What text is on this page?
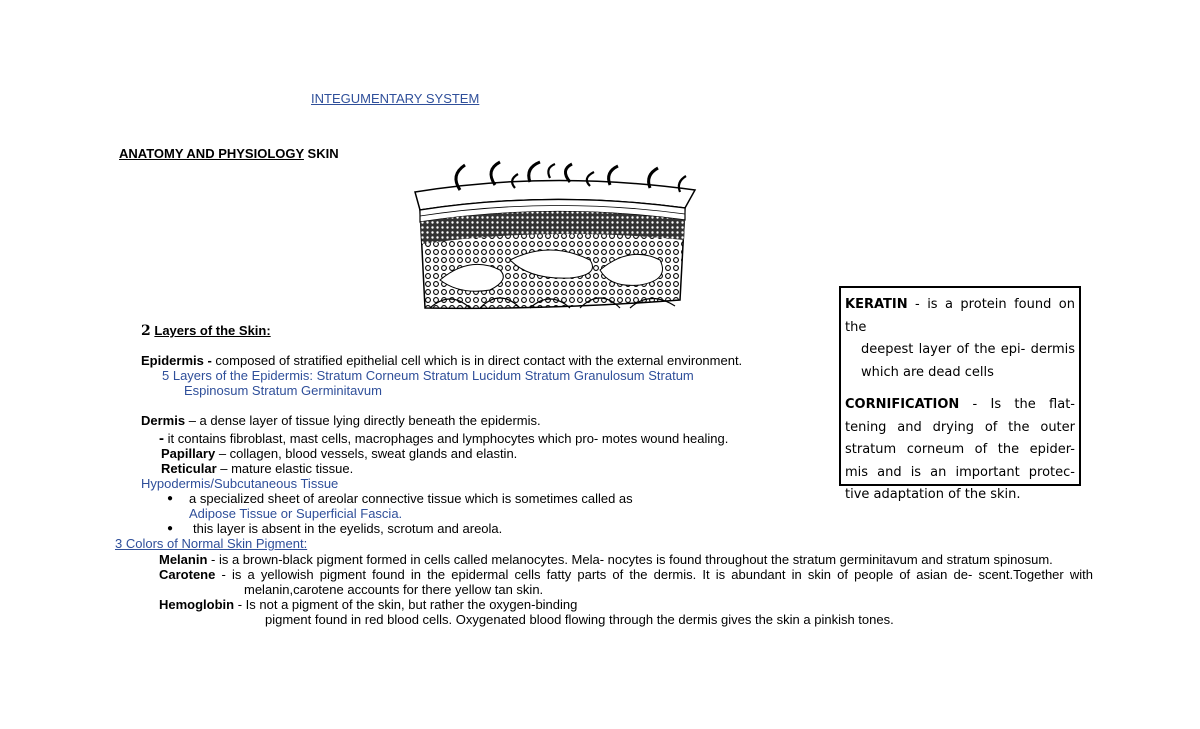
INTEGUMENTARY SYSTEM
ANATOMY AND PHYSIOLOGY SKIN
2 Layers of the Skin:
Epidermis - composed of stratified epithelial cell which is in direct contact with the external environment.
5 Layers of the Epidermis: Stratum Corneum Stratum Lucidum Stratum Granulosum Stratum
Espinosum Stratum Germinitavum
Dermis – a dense layer of tissue lying directly beneath the epidermis.
- it contains fibroblast, mast cells, macrophages and lymphocytes which pro- motes wound healing.
Papillary – collagen, blood vessels, sweat glands and elastin.
Reticular – mature elastic tissue.
Hypodermis/Subcutaneous Tissue
● a specialized sheet of areolar connective tissue which is sometimes called as
Adipose Tissue or Superficial Fascia.
● this layer is absent in the eyelids, scrotum and areola.
3 Colors of Normal Skin Pigment:
Melanin - is a brown-black pigment formed in cells called melanocytes. Mela- nocytes is found throughout the stratum germinitavum and stratum spinosum.
Carotene - is a yellowish pigment found in the epidermal cells fatty parts of the dermis. It is abundant in skin of people of asian de- scent.Together with
melanin,carotene accounts for there yellow tan skin.
Hemoglobin - Is not a pigment of the skin, but rather the oxygen-binding
pigment found in red blood cells. Oxygenated blood flowing through the dermis gives the skin a pinkish tones.

KERATIN - is a protein found on the

deepest layer of the epi- dermis

which are dead cells

CORNIFICATION - Is the flat- tening and drying of the outer stratum corneum of the epider- mis and is an important protec- tive adaptation of the skin.
